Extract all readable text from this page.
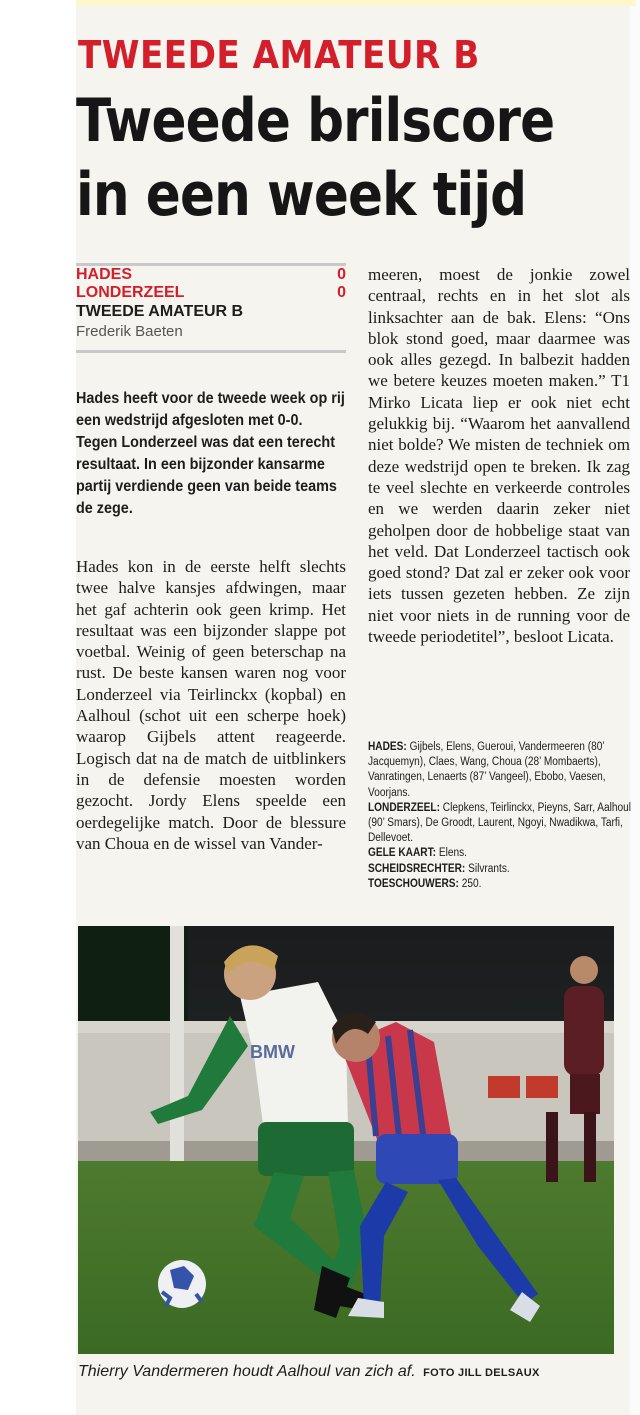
TWEEDE AMATEUR B
Tweede brilscore
in een week tijd
HADES	0
LONDERZEEL	0
TWEEDE AMATEUR B
Frederik Baeten

Hades heeft voor de tweede week op rij een wedstrijd afgesloten met 0-0. Tegen Londerzeel was dat een terecht resultaat. In een bijzonder kansarme partij verdiende geen van beide teams de zege.

Hades kon in de eerste helft slechts twee halve kansjes afdwingen, maar het gaf achterin ook geen krimp. Het resultaat was een bijzonder slappe pot voetbal. Weinig of geen beterschap na rust. De beste kansen waren nog voor Londerzeel via Teirlinckx (kopbal) en Aalhoul (schot uit een scherpe hoek) waarop Gijbels attent reageerde. Logisch dat na de match de uitblinkers in de defensie moesten worden gezocht. Jordy Elens speelde een oerdegelijke match. Door de blessure van Choua en de wissel van Vander-

meeren, moest de jonkie zowel centraal, rechts en in het slot als linksachter aan de bak. Elens: “Ons blok stond goed, maar daarmee was ook alles gezegd. In balbezit hadden we betere keuzes moeten maken.” T1 Mirko Licata liep er ook niet echt gelukkig bij. “Waarom het aanvallend niet bolde? We misten de techniek om deze wedstrijd open te breken. Ik zag te veel slechte en verkeerde controles en we werden daarin zeker niet geholpen door de hobbelige staat van het veld. Dat Londerzeel tactisch ook goed stond? Dat zal er zeker ook voor iets tussen gezeten hebben. Ze zijn niet voor niets in de running voor de tweede periodetitel”, besloot Licata.

HADES: Gijbels, Elens, Gueroui, Vandermeeren (80’ Jacquemyn), Claes, Wang, Choua (28’ Mombaerts), Vanratingen, Lenaerts (87’ Vangeel), Ebobo, Vaesen, Voorjans.

LONDERZEEL: Clepkens, Teirlinckx, Pieyns, Sarr, Aalhoul (90’ Smars), De Groodt, Laurent, Ngoyi, Nwadikwa, Tarfi, Dellevoet.

GELE KAART: Elens.

SCHEIDSRECHTER: Silvrants.

TOESCHOUWERS: 250.

BMW
Thierry Vandermeren houdt Aalhoul van zich af. FOTO JILL DELSAUX
